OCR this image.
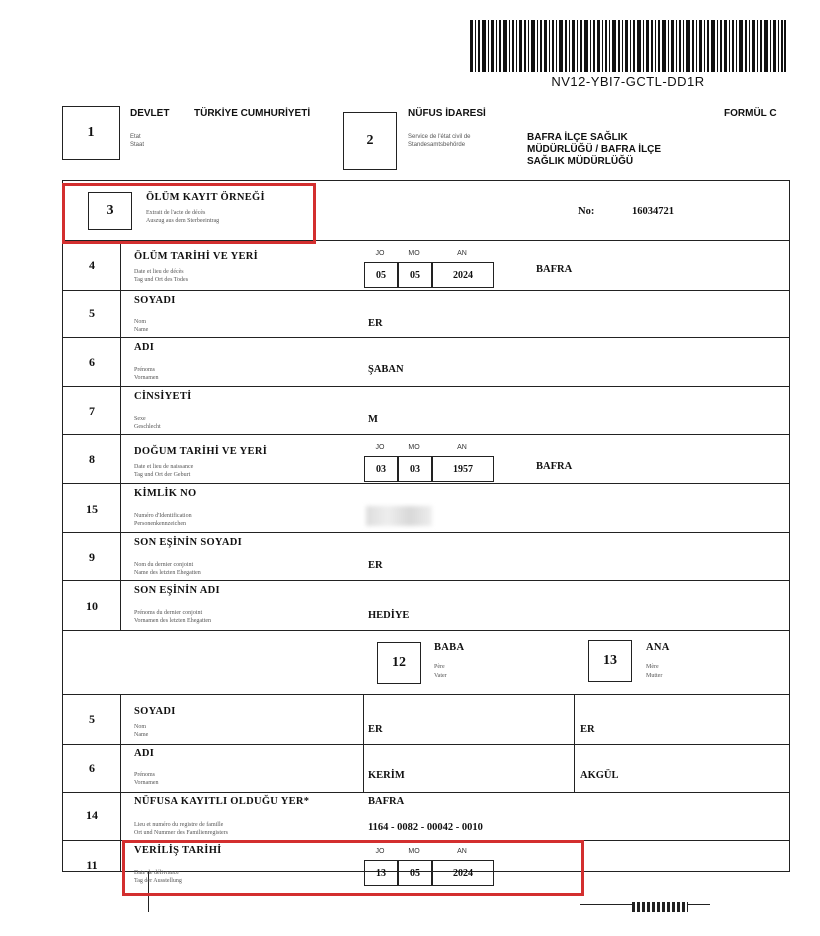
NV12-YBI7-GCTL-DD1R
1
DEVLET TÜRKİYE CUMHURİYETİ
Etat
Staat	2
NÜFUS İDARESİ
Service de l'état civil de
Standesamtsbehörde
BAFRA İLÇE SAĞLIK
MÜDÜRLÜĞÜ / BAFRA İLÇE
SAĞLIK MÜDÜRLÜĞÜ
FORMÜL C
3
ÖLÜM KAYIT ÖRNEĞİ
Extrait de l'acte de décès
Auszug aus dem Sterbeeintrag
No:	16034721
4
ÖLÜM TARİHİ VE YERİ
Date et lieu de décès
Tag und Ort des Todes
JO	MO	AN
05	05	2024	BAFRA
5
SOYADI
Nom
Name
ER
6
ADI
Prénoms
Vornamen
ŞABAN
7
CİNSİYETİ
Sexe
Geschlecht
M
8
DOĞUM TARİHİ VE YERİ
Date et lieu de naissance
Tag und Ort der Geburt
JO	MO	AN
03	03	1957	BAFRA
15
KİMLİK NO
Numéro d'Identification
Personenkennzeichen
9
SON EŞİNİN SOYADI
Nom du dernier conjoint
Name des letzten Ehegatten
ER
10
SON EŞİNİN ADI
Prénoms du dernier conjoint
Vornamen des letzten Ehegatten	HEDİYE
12
BABA
Père
Vater
13
ANA
Mère
Mutter
5
SOYADI
Nom
Name	ER	ER
6
ADI
Prénoms
Vornamen
KERİM	AKGÜL
14
NÜFUSA KAYITLI OLDUĞU YER*
Lieu et numéro du registre de famille
Ort und Nummer des Familienregisters
BAFRA
1164 - 0082 - 00042 - 0010
11
VERİLİŞ TARİHİ
Date de délivrance
Tag der Ausstellung
JO	MO	AN
13	05	2024
